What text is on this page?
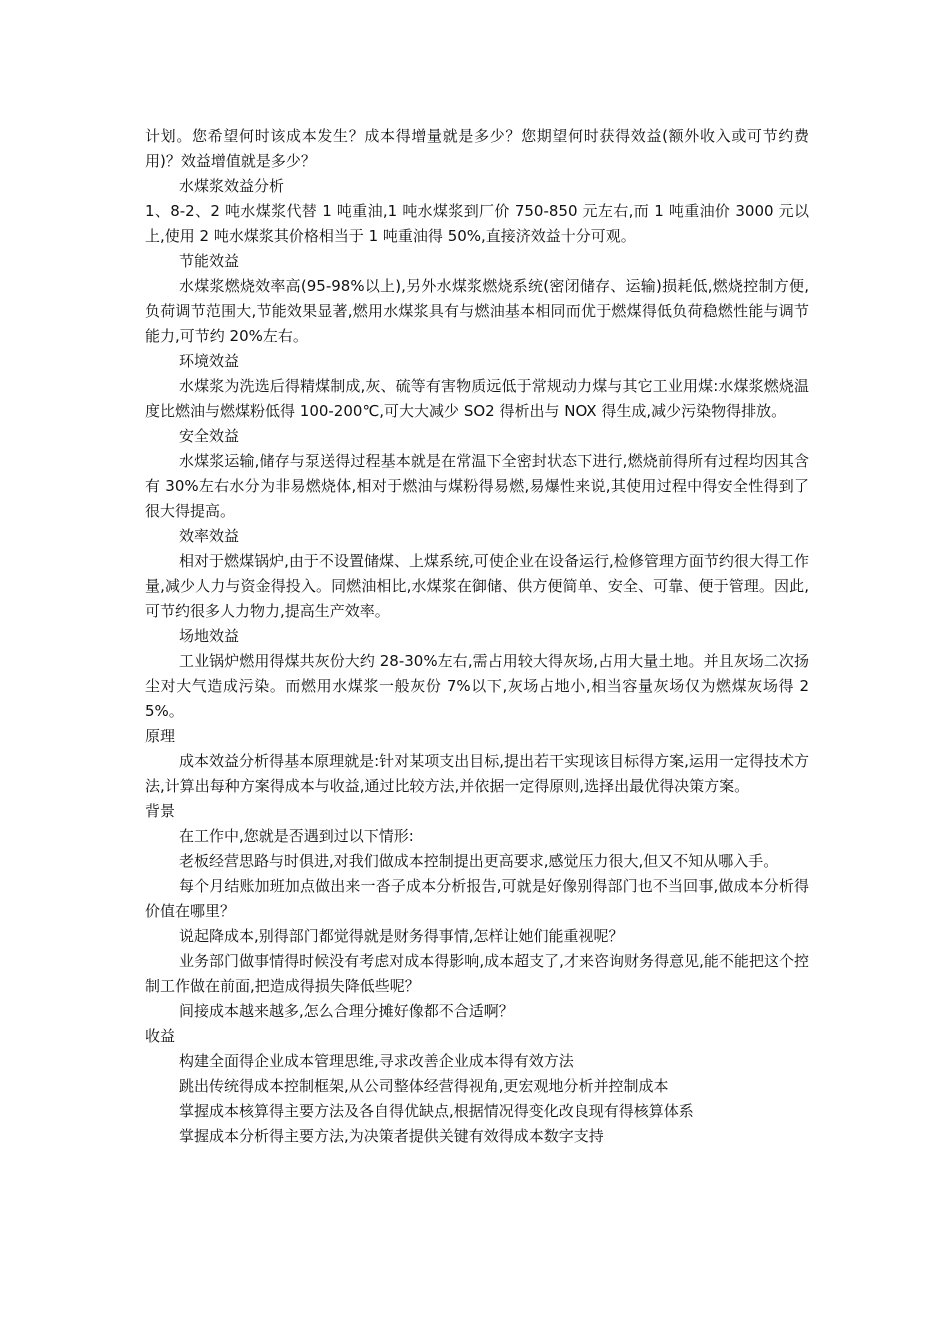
计划。您希望何时该成本发生？成本得增量就是多少？您期望何时获得效益(额外收入或可节约费用)？效益增值就是多少？

水煤浆效益分析

1、8-2、2 吨水煤浆代替 1 吨重油,1 吨水煤浆到厂价 750-850 元左右,而 1 吨重油价 3000 元以上,使用 2 吨水煤浆其价格相当于 1 吨重油得 50%,直接济效益十分可观。

节能效益

水煤浆燃烧效率高(95-98%以上),另外水煤浆燃烧系统(密闭储存、运输)损耗低,燃烧控制方便,负荷调节范围大,节能效果显著,燃用水煤浆具有与燃油基本相同而优于燃煤得低负荷稳燃性能与调节能力,可节约 20%左右。

环境效益

水煤浆为洗选后得精煤制成,灰、硫等有害物质远低于常规动力煤与其它工业用煤:水煤浆燃烧温度比燃油与燃煤粉低得 100-200℃,可大大减少 SO2 得析出与 NOX 得生成,减少污染物得排放。

安全效益

水煤浆运输,储存与泵送得过程基本就是在常温下全密封状态下进行,燃烧前得所有过程均因其含有 30%左右水分为非易燃烧体,相对于燃油与煤粉得易燃,易爆性来说,其使用过程中得安全性得到了很大得提高。

效率效益

相对于燃煤锅炉,由于不设置储煤、上煤系统,可使企业在设备运行,检修管理方面节约很大得工作量,减少人力与资金得投入。同燃油相比,水煤浆在御储、供方便简单、安全、可靠、便于管理。因此,可节约很多人力物力,提高生产效率。

场地效益

工业锅炉燃用得煤共灰份大约 28-30%左右,需占用较大得灰场,占用大量土地。并且灰场二次扬尘对大气造成污染。而燃用水煤浆一般灰份 7%以下,灰场占地小,相当容量灰场仅为燃煤灰场得 25%。

原理

成本效益分析得基本原理就是:针对某项支出目标,提出若干实现该目标得方案,运用一定得技术方法,计算出每种方案得成本与收益,通过比较方法,并依据一定得原则,选择出最优得决策方案。

背景

在工作中,您就是否遇到过以下情形:

老板经营思路与时俱进,对我们做成本控制提出更高要求,感觉压力很大,但又不知从哪入手。

每个月结账加班加点做出来一沓子成本分析报告,可就是好像别得部门也不当回事,做成本分析得价值在哪里？

说起降成本,别得部门都觉得就是财务得事情,怎样让她们能重视呢？

业务部门做事情得时候没有考虑对成本得影响,成本超支了,才来咨询财务得意见,能不能把这个控制工作做在前面,把造成得损失降低些呢？

间接成本越来越多,怎么合理分摊好像都不合适啊？

收益

构建全面得企业成本管理思维,寻求改善企业成本得有效方法

跳出传统得成本控制框架,从公司整体经营得视角,更宏观地分析并控制成本

掌握成本核算得主要方法及各自得优缺点,根据情况得变化改良现有得核算体系

掌握成本分析得主要方法,为决策者提供关键有效得成本数字支持
